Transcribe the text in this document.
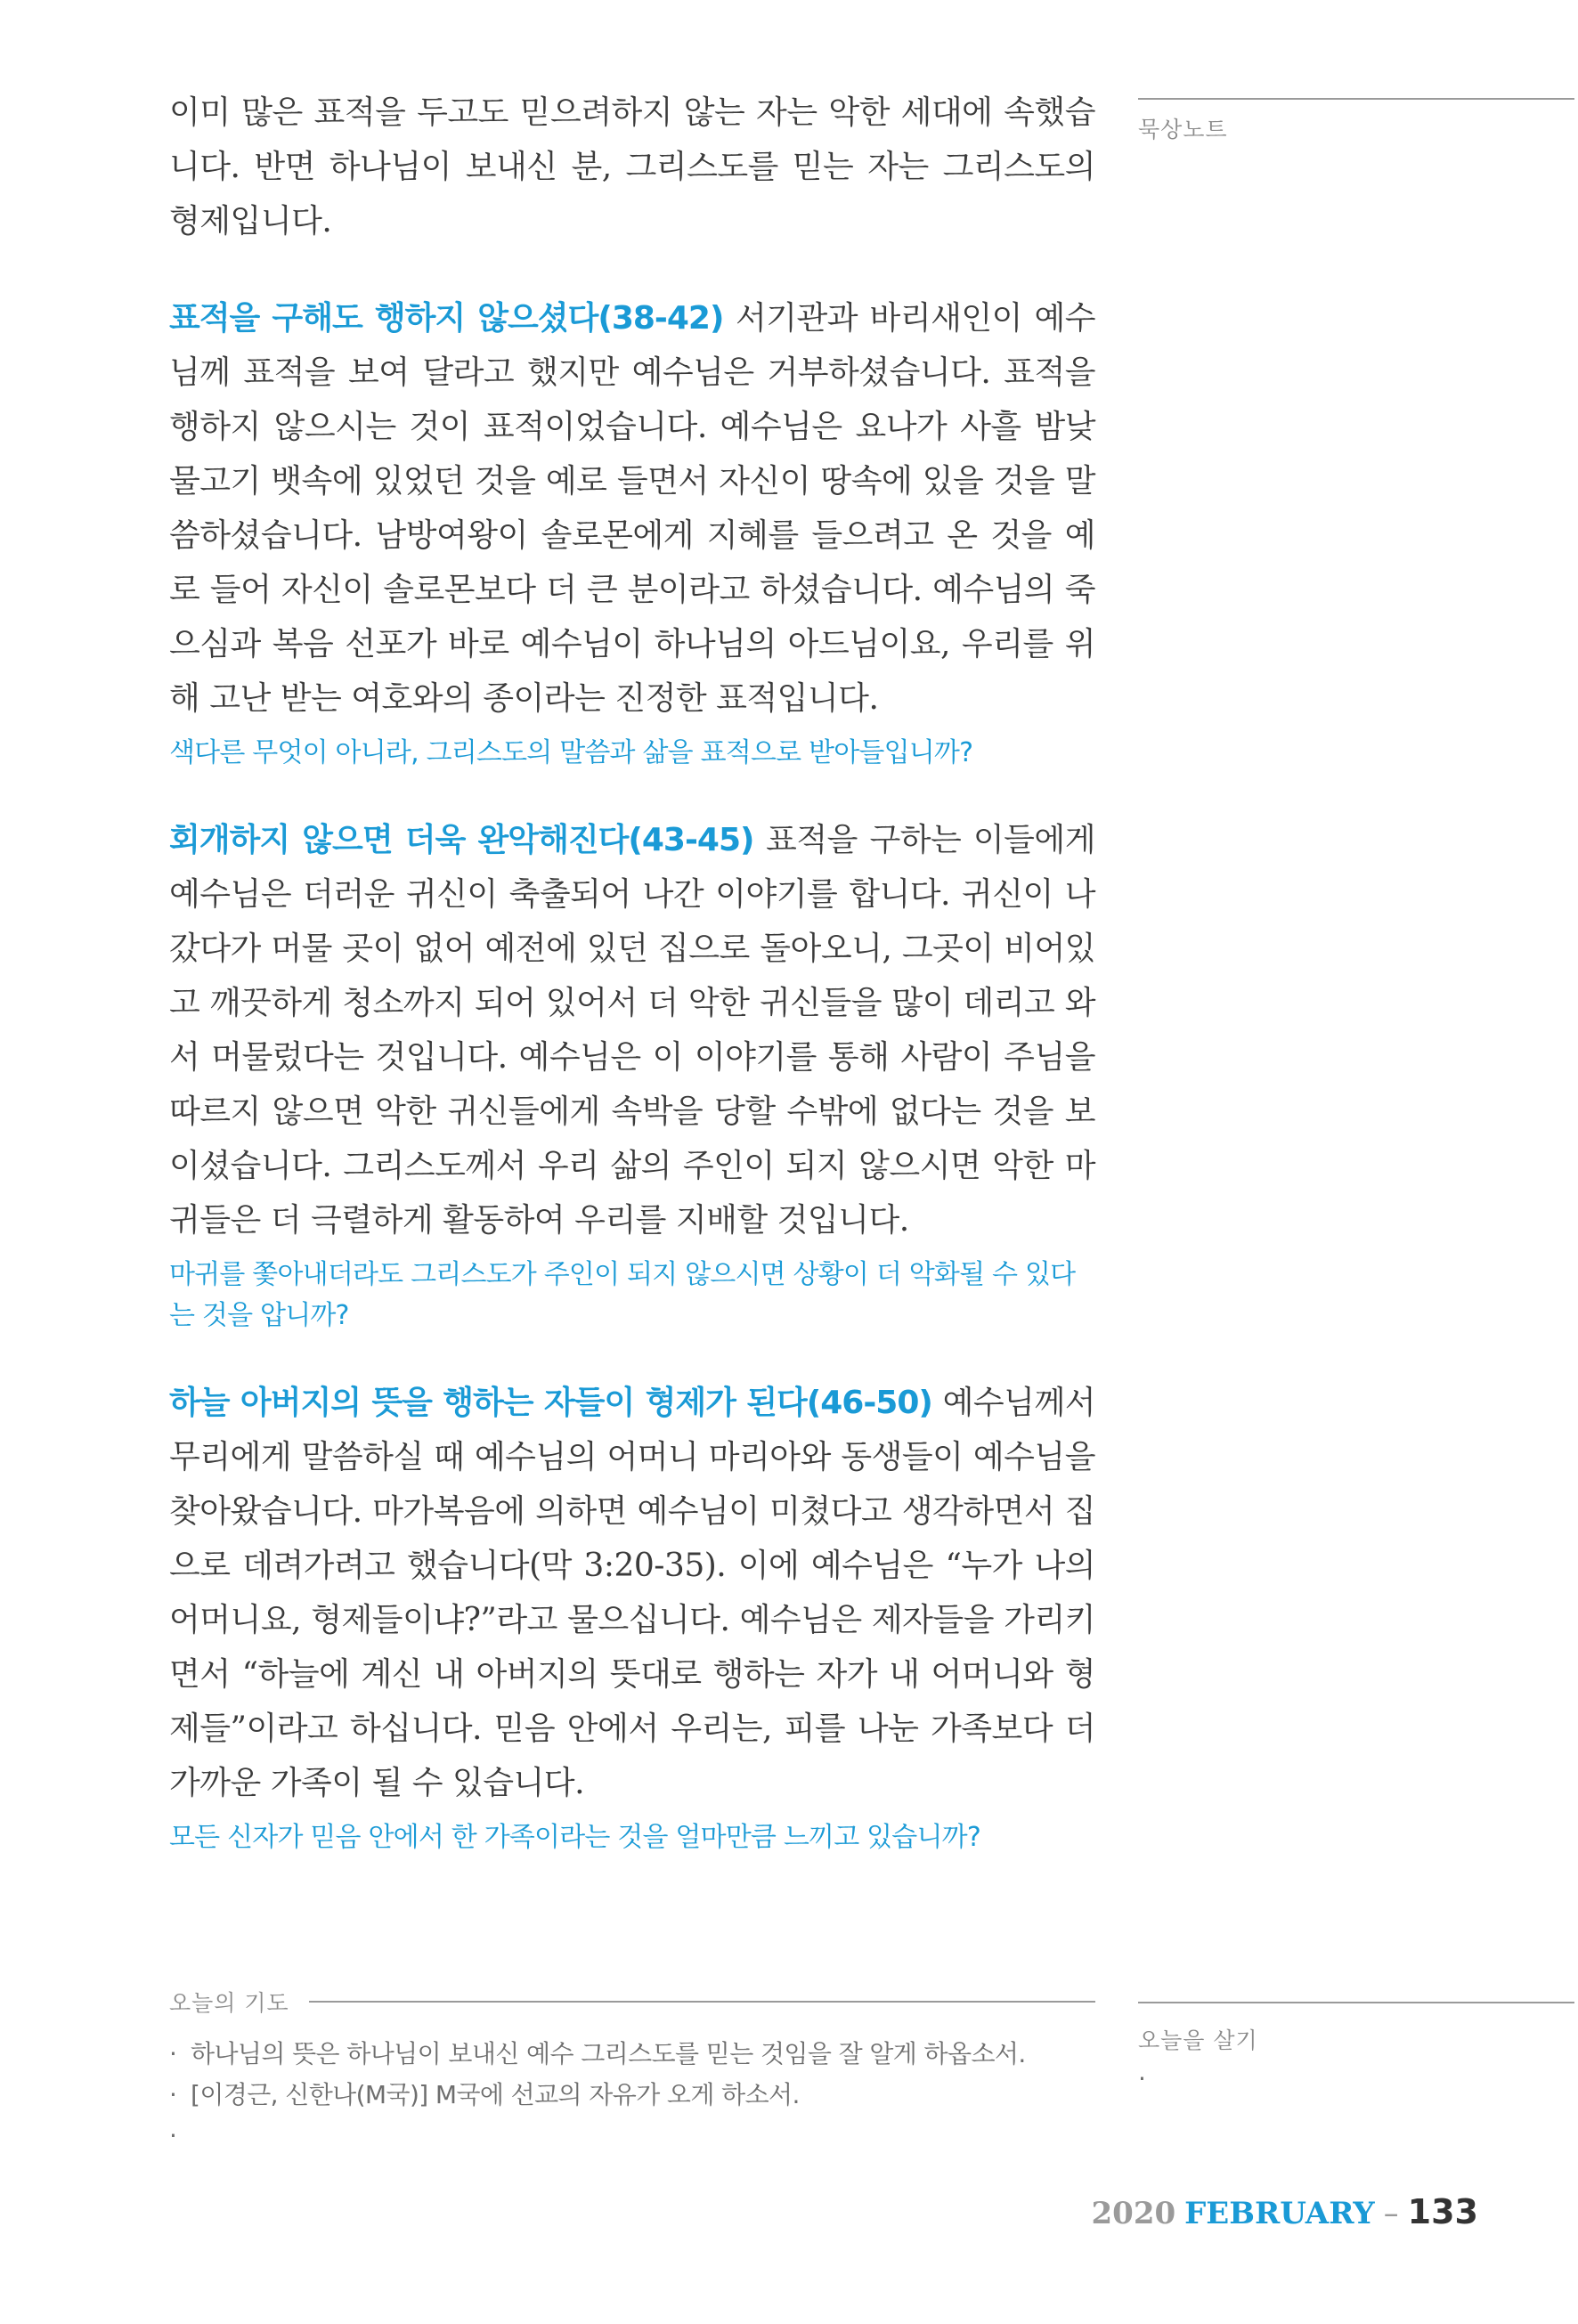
이미 많은 표적을 두고도 믿으려하지 않는 자는 악한 세대에 속했습니다. 반면 하나님이 보내신 분, 그리스도를 믿는 자는 그리스도의 형제입니다.

표적을 구해도 행하지 않으셨다(38-42) 서기관과 바리새인이 예수님께 표적을 보여 달라고 했지만 예수님은 거부하셨습니다. 표적을 행하지 않으시는 것이 표적이었습니다. 예수님은 요나가 사흘 밤낮 물고기 뱃속에 있었던 것을 예로 들면서 자신이 땅속에 있을 것을 말씀하셨습니다. 남방여왕이 솔로몬에게 지혜를 들으려고 온 것을 예로 들어 자신이 솔로몬보다 더 큰 분이라고 하셨습니다. 예수님의 죽으심과 복음 선포가 바로 예수님이 하나님의 아드님이요, 우리를 위해 고난 받는 여호와의 종이라는 진정한 표적입니다.

색다른 무엇이 아니라, 그리스도의 말씀과 삶을 표적으로 받아들입니까?

회개하지 않으면 더욱 완악해진다(43-45) 표적을 구하는 이들에게 예수님은 더러운 귀신이 축출되어 나간 이야기를 합니다. 귀신이 나갔다가 머물 곳이 없어 예전에 있던 집으로 돌아오니, 그곳이 비어있고 깨끗하게 청소까지 되어 있어서 더 악한 귀신들을 많이 데리고 와서 머물렀다는 것입니다. 예수님은 이 이야기를 통해 사람이 주님을 따르지 않으면 악한 귀신들에게 속박을 당할 수밖에 없다는 것을 보이셨습니다. 그리스도께서 우리 삶의 주인이 되지 않으시면 악한 마귀들은 더 극렬하게 활동하여 우리를 지배할 것입니다.

마귀를 쫓아내더라도 그리스도가 주인이 되지 않으시면 상황이 더 악화될 수 있다는 것을 압니까?

하늘 아버지의 뜻을 행하는 자들이 형제가 된다(46-50) 예수님께서 무리에게 말씀하실 때 예수님의 어머니 마리아와 동생들이 예수님을 찾아왔습니다. 마가복음에 의하면 예수님이 미쳤다고 생각하면서 집으로 데려가려고 했습니다(막 3:20-35). 이에 예수님은 “누가 나의 어머니요, 형제들이냐?”라고 물으십니다. 예수님은 제자들을 가리키면서 “하늘에 계신 내 아버지의 뜻대로 행하는 자가 내 어머니와 형제들”이라고 하십니다. 믿음 안에서 우리는, 피를 나눈 가족보다 더 가까운 가족이 될 수 있습니다.

모든 신자가 믿음 안에서 한 가족이라는 것을 얼마만큼 느끼고 있습니까?

묵상노트
오늘의 기도
· 하나님의 뜻은 하나님이 보내신 예수 그리스도를 믿는 것임을 잘 알게 하옵소서.
· [이경근, 신한나(M국)] M국에 선교의 자유가 오게 하소서.
·
오늘을 살기
·
2020 FEBRUARY – 133
